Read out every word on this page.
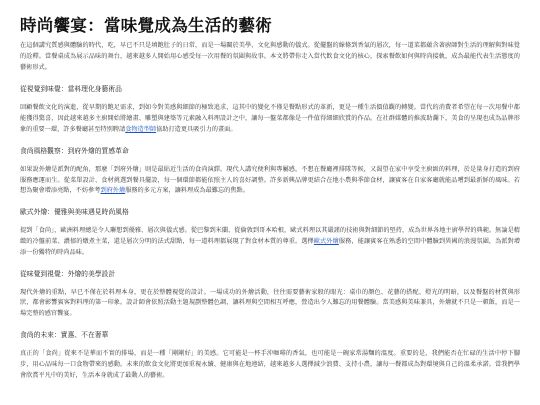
時尚饗宴：當味覺成為生活的藝術

在這個講究質感與體驗的時代，吃，早已不只是填飽肚子的日常，而是一場關於美學、文化與感動的儀式。從擺盤的線條到香氣的層次，每一道菜都蘊含著廚師對生活的理解與對味覺的詮釋。當餐桌成為展示品味的舞台，越來越多人開始用心感受每一次用餐的氛圍與故事。本文將帶你走入當代飲食文化的核心，探索餐飲如何與時尚接軌，成為最能代表生活態度的藝術形式。

從視覺到味覺：當料理化身藝術品

回顧餐飲文化的演進，從早期的飽足需求，到如今對美感與細節的極致追求，這其中的變化不僅是餐點形式的革新，更是一種生活價值觀的轉變。當代的消費者希望在每一次用餐中都能獲得驚喜，因此越來越多主廚開始將繪畫、雕塑與建築等元素融入料理設計之中，讓每一盤菜都像是一件值得細細欣賞的作品。在社群媒體的推波助瀾下，美食的呈現也成為品牌形象的重要一環，許多餐廳甚至特別聘請食物造型師協助打造更具吸引力的畫面。

食尚風格觀察：到府外燴的質感革命

如果說外燴是派對的配角，那麼「到府外燴」則是最貼近生活的食尚演繹。現代人講究便利與專屬感，不想在餐廳裡排隊等候，又渴望在家中享受主廚級的料理，於是量身打造的到府服務應運而生。從菜單設計、食材挑選到餐具擺設，每一個環節都能依照主人的喜好調整。許多新興品牌更結合在地小農與季節食材，讓賓客在自家客廳就能品嚐到最新鮮的風味。若想為聚會增添亮點，不妨參考到府外燴服務的多元方案，讓料理成為最難忘的焦點。

歐式外燴：優雅與美味遇見時尚風格

提到「食尚」，歐洲料理總是令人聯想到優雅、層次與儀式感。從巴黎到米蘭，從倫敦到哥本哈根，歐式料理以其嚴謹的技術與對細節的堅持，成為世界各地主廚學習的典範。無論是精緻的冷盤前菜、濃郁的燉煮主菜，還是層次分明的法式甜點，每一道料理都展現了對食材本質的尊重。選擇歐式外燴服務，能讓賓客在熟悉的空間中體驗到異國的浪漫氛圍，為派對增添一份獨特的時尚品味。

從味覺到視覺：外燴的美學設計

現代外燴的重點，早已不僅在於料理本身，更在於整體視覺的設計。一場成功的外燴活動，往往需要藝術家般的眼光：桌巾的顏色、花藝的搭配、燈光的明暗，以及餐盤的材質與形狀，都會影響賓客對料理的第一印象。設計師會依照活動主題規劃整體色調，讓料理與空間相互呼應，營造出令人難忘的用餐體驗。當美感與美味兼具，外燴就不只是一頓飯，而是一場完整的感官饗宴。

食尚的未來：實惠、不在奢華

真正的「食尚」從來不是華而不實的排場，而是一種「剛剛好」的美感。它可能是一杯手沖咖啡的香氣，也可能是一碗家常湯麵的溫度。重要的是，我們能否在忙碌的生活中停下腳步，用心品味每一口食物帶來的感動。未來的飲食文化將更加重視永續、健康與在地連結，越來越多人選擇減少浪費、支持小農，讓每一餐都成為對環境與自己的溫柔承諾。當我們學會欣賞平凡中的美好，生活本身就成了最動人的藝術。
